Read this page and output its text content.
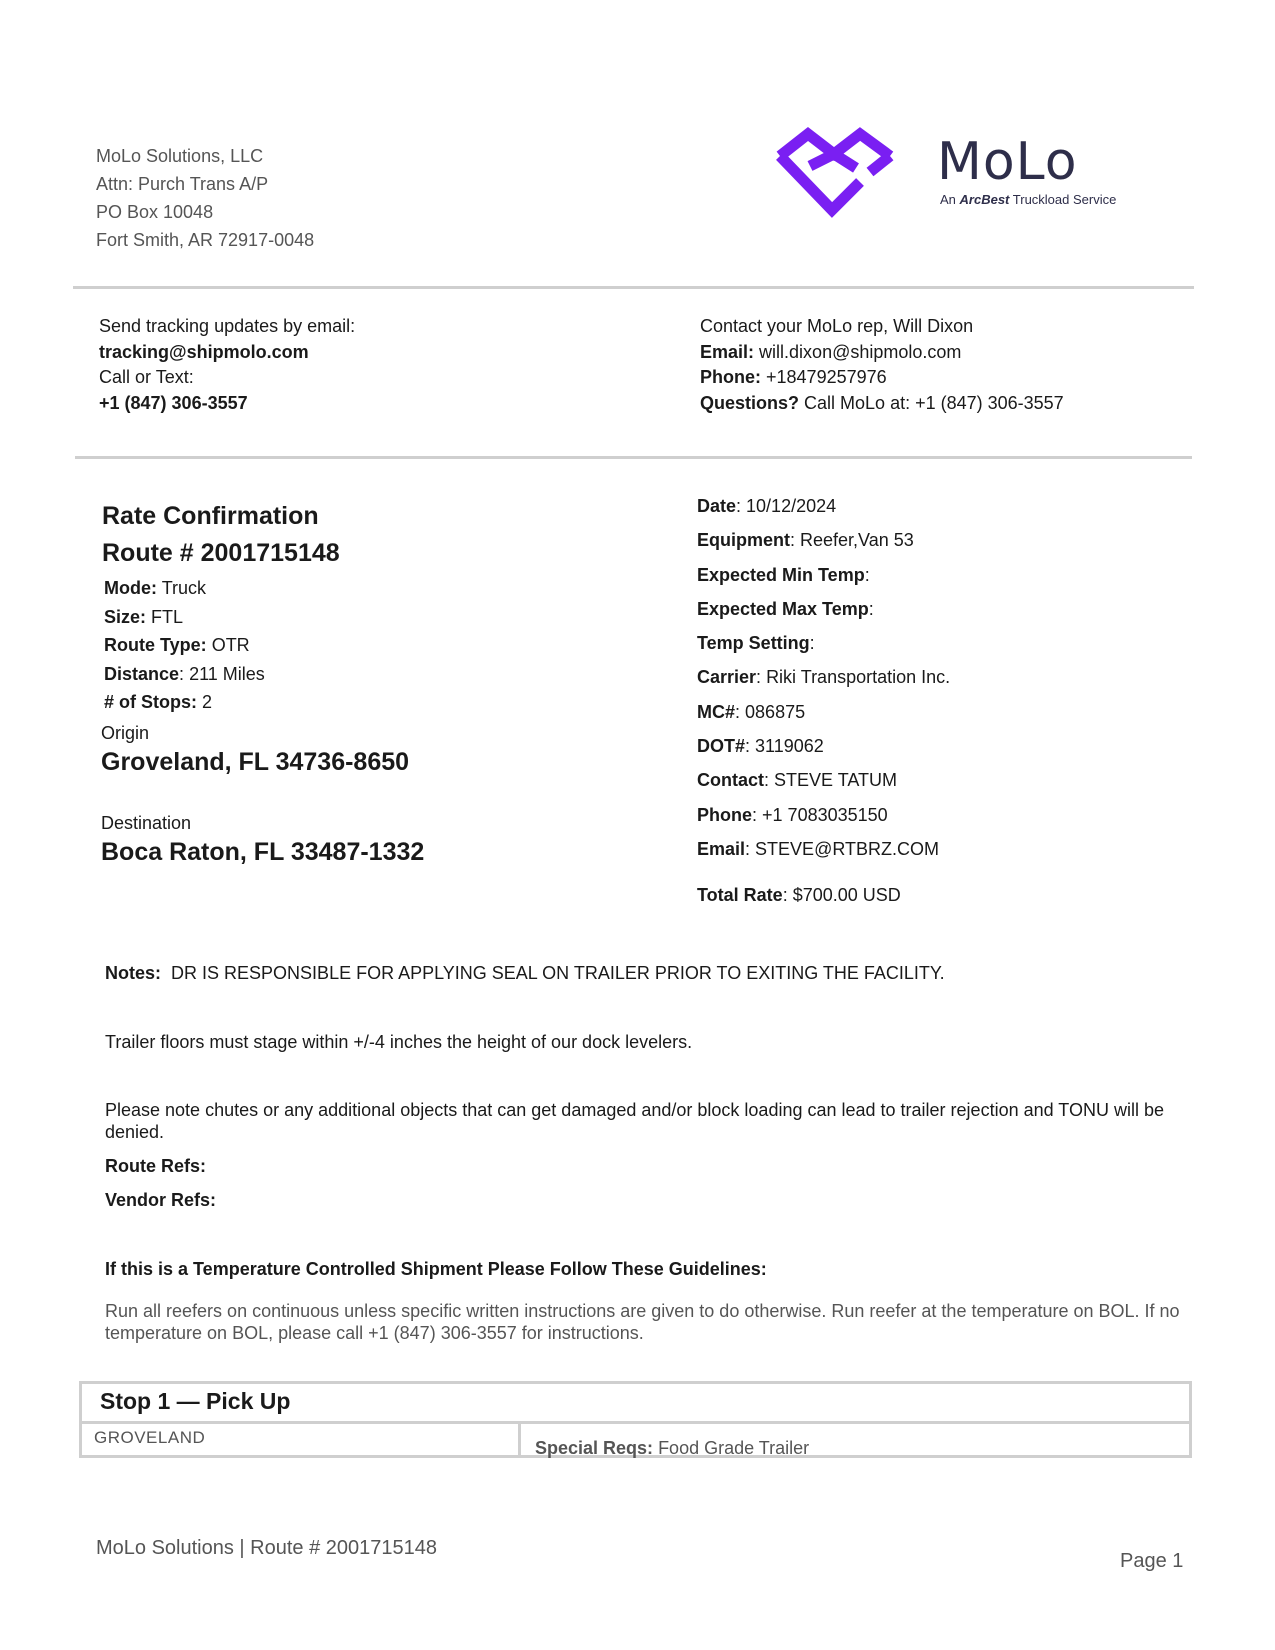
MoLo Solutions, LLC
Attn: Purch Trans A/P
PO Box 10048
Fort Smith, AR 72917-0048
MoLo
An ArcBest Truckload Service
Send tracking updates by email:
tracking@shipmolo.com
Call or Text:
+1 (847) 306-3557
Contact your MoLo rep, Will Dixon
Email: will.dixon@shipmolo.com
Phone: +18479257976
Questions? Call MoLo at: +1 (847) 306-3557
Rate Confirmation
Route # 2001715148
Mode: Truck
Size: FTL
Route Type: OTR
Distance: 211 Miles
# of Stops: 2
Origin
Groveland, FL 34736-8650
Destination
Boca Raton, FL 33487-1332
Date: 10/12/2024
Equipment: Reefer,Van 53
Expected Min Temp:
Expected Max Temp:
Temp Setting:
Carrier: Riki Transportation Inc.
MC#: 086875
DOT#: 3119062
Contact: STEVE TATUM
Phone: +1 7083035150
Email: STEVE@RTBRZ.COM
Total Rate: $700.00 USD

Notes: DR IS RESPONSIBLE FOR APPLYING SEAL ON TRAILER PRIOR TO EXITING THE FACILITY.

Trailer floors must stage within +/-4 inches the height of our dock levelers.

Please note chutes or any additional objects that can get damaged and/or block loading can lead to trailer rejection and TONU will be denied.

Route Refs:

Vendor Refs:

If this is a Temperature Controlled Shipment Please Follow These Guidelines:

Run all reefers on continuous unless specific written instructions are given to do otherwise. Run reefer at the temperature on BOL. If no temperature on BOL, please call +1 (847) 306-3557 for instructions.

Stop 1 — Pick Up
GROVELAND
Special Reqs: Food Grade Trailer
MoLo Solutions | Route # 2001715148
Page 1
